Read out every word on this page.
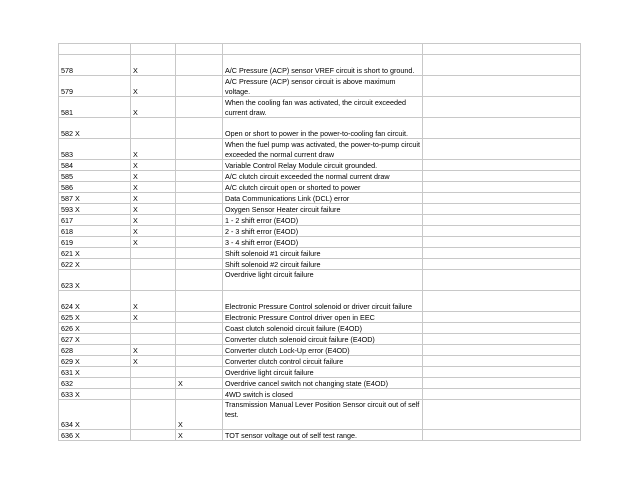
578	X		A/C Pressure (ACP) sensor VREF circuit is short to ground.	
579	X		A/C Pressure (ACP) sensor circuit is above maximum voltage.	
581	X		When the cooling fan was activated, the circuit exceeded current draw.	
582 X			Open or short to power in the power-to-cooling fan circuit.	
583	X		When the fuel pump was activated, the power-to-pump circuit exceeded the normal current draw	
584	X		Variable Control Relay Module circuit grounded.	
585	X		A/C clutch circuit exceeded the normal current draw	
586	X		A/C clutch circuit open or shorted to power	
587 X	X		Data Communications Link (DCL) error	
593 X	X		Oxygen Sensor Heater circuit failure	
617	X		1 - 2 shift error (E4OD)	
618	X		2 - 3 shift error (E4OD)	
619	X		3 - 4 shift error (E4OD)	
621 X			Shift solenoid #1 circuit failure	
622 X			Shift solenoid #2 circuit failure	
623 X			Overdrive light circuit failure	
624 X	X		Electronic Pressure Control solenoid or driver circuit failure	
625 X	X		Electronic Pressure Control driver open in EEC	
626 X			Coast clutch solenoid circuit failure (E4OD)	
627 X			Converter clutch solenoid circuit failure (E4OD)	
628	X		Converter clutch Lock-Up error (E4OD)	
629 X	X		Converter clutch control circuit failure	
631 X			Overdrive light circuit failure	
632		X	Overdrive cancel switch not changing state (E4OD)	
633 X			4WD switch is closed	
634 X		X	Transmission Manual Lever Position Sensor circuit out of self test.	
636 X		X	TOT sensor voltage out of self test range.	
